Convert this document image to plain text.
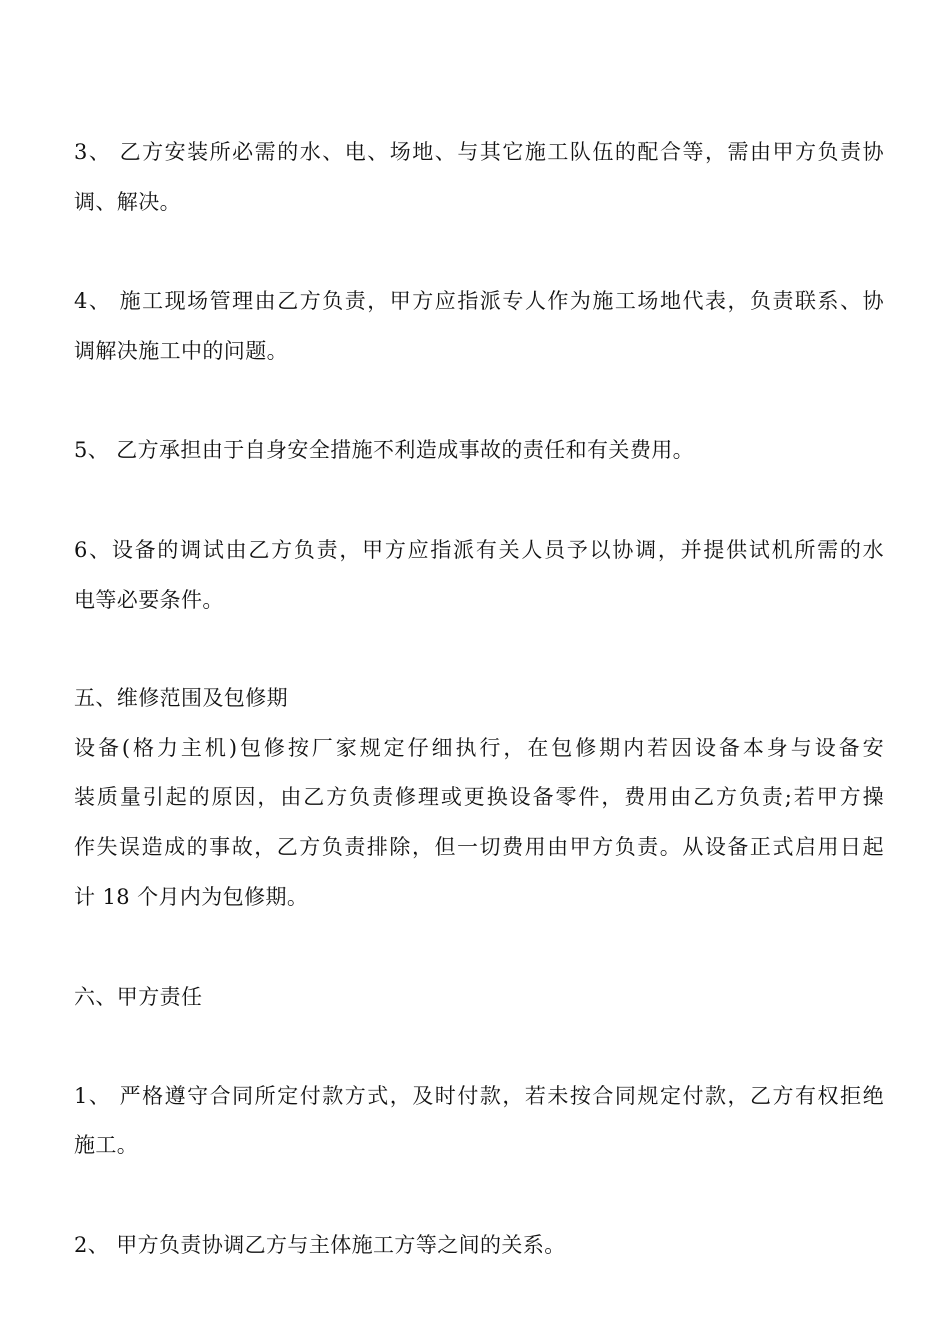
3、 乙方安装所必需的水、电、场地、与其它施工队伍的配合等，需由甲方负责协
调、解决。
4、 施工现场管理由乙方负责，甲方应指派专人作为施工场地代表，负责联系、协
调解决施工中的问题。
5、 乙方承担由于自身安全措施不利造成事故的责任和有关费用。
6、设备的调试由乙方负责，甲方应指派有关人员予以协调，并提供试机所需的水
电等必要条件。
五、维修范围及包修期
设备(格力主机)包修按厂家规定仔细执行，在包修期内若因设备本身与设备安
装质量引起的原因，由乙方负责修理或更换设备零件，费用由乙方负责;若甲方操
作失误造成的事故，乙方负责排除，但一切费用由甲方负责。从设备正式启用日起
计 18 个月内为包修期。
六、甲方责任
1、 严格遵守合同所定付款方式，及时付款，若未按合同规定付款，乙方有权拒绝
施工。
2、 甲方负责协调乙方与主体施工方等之间的关系。
